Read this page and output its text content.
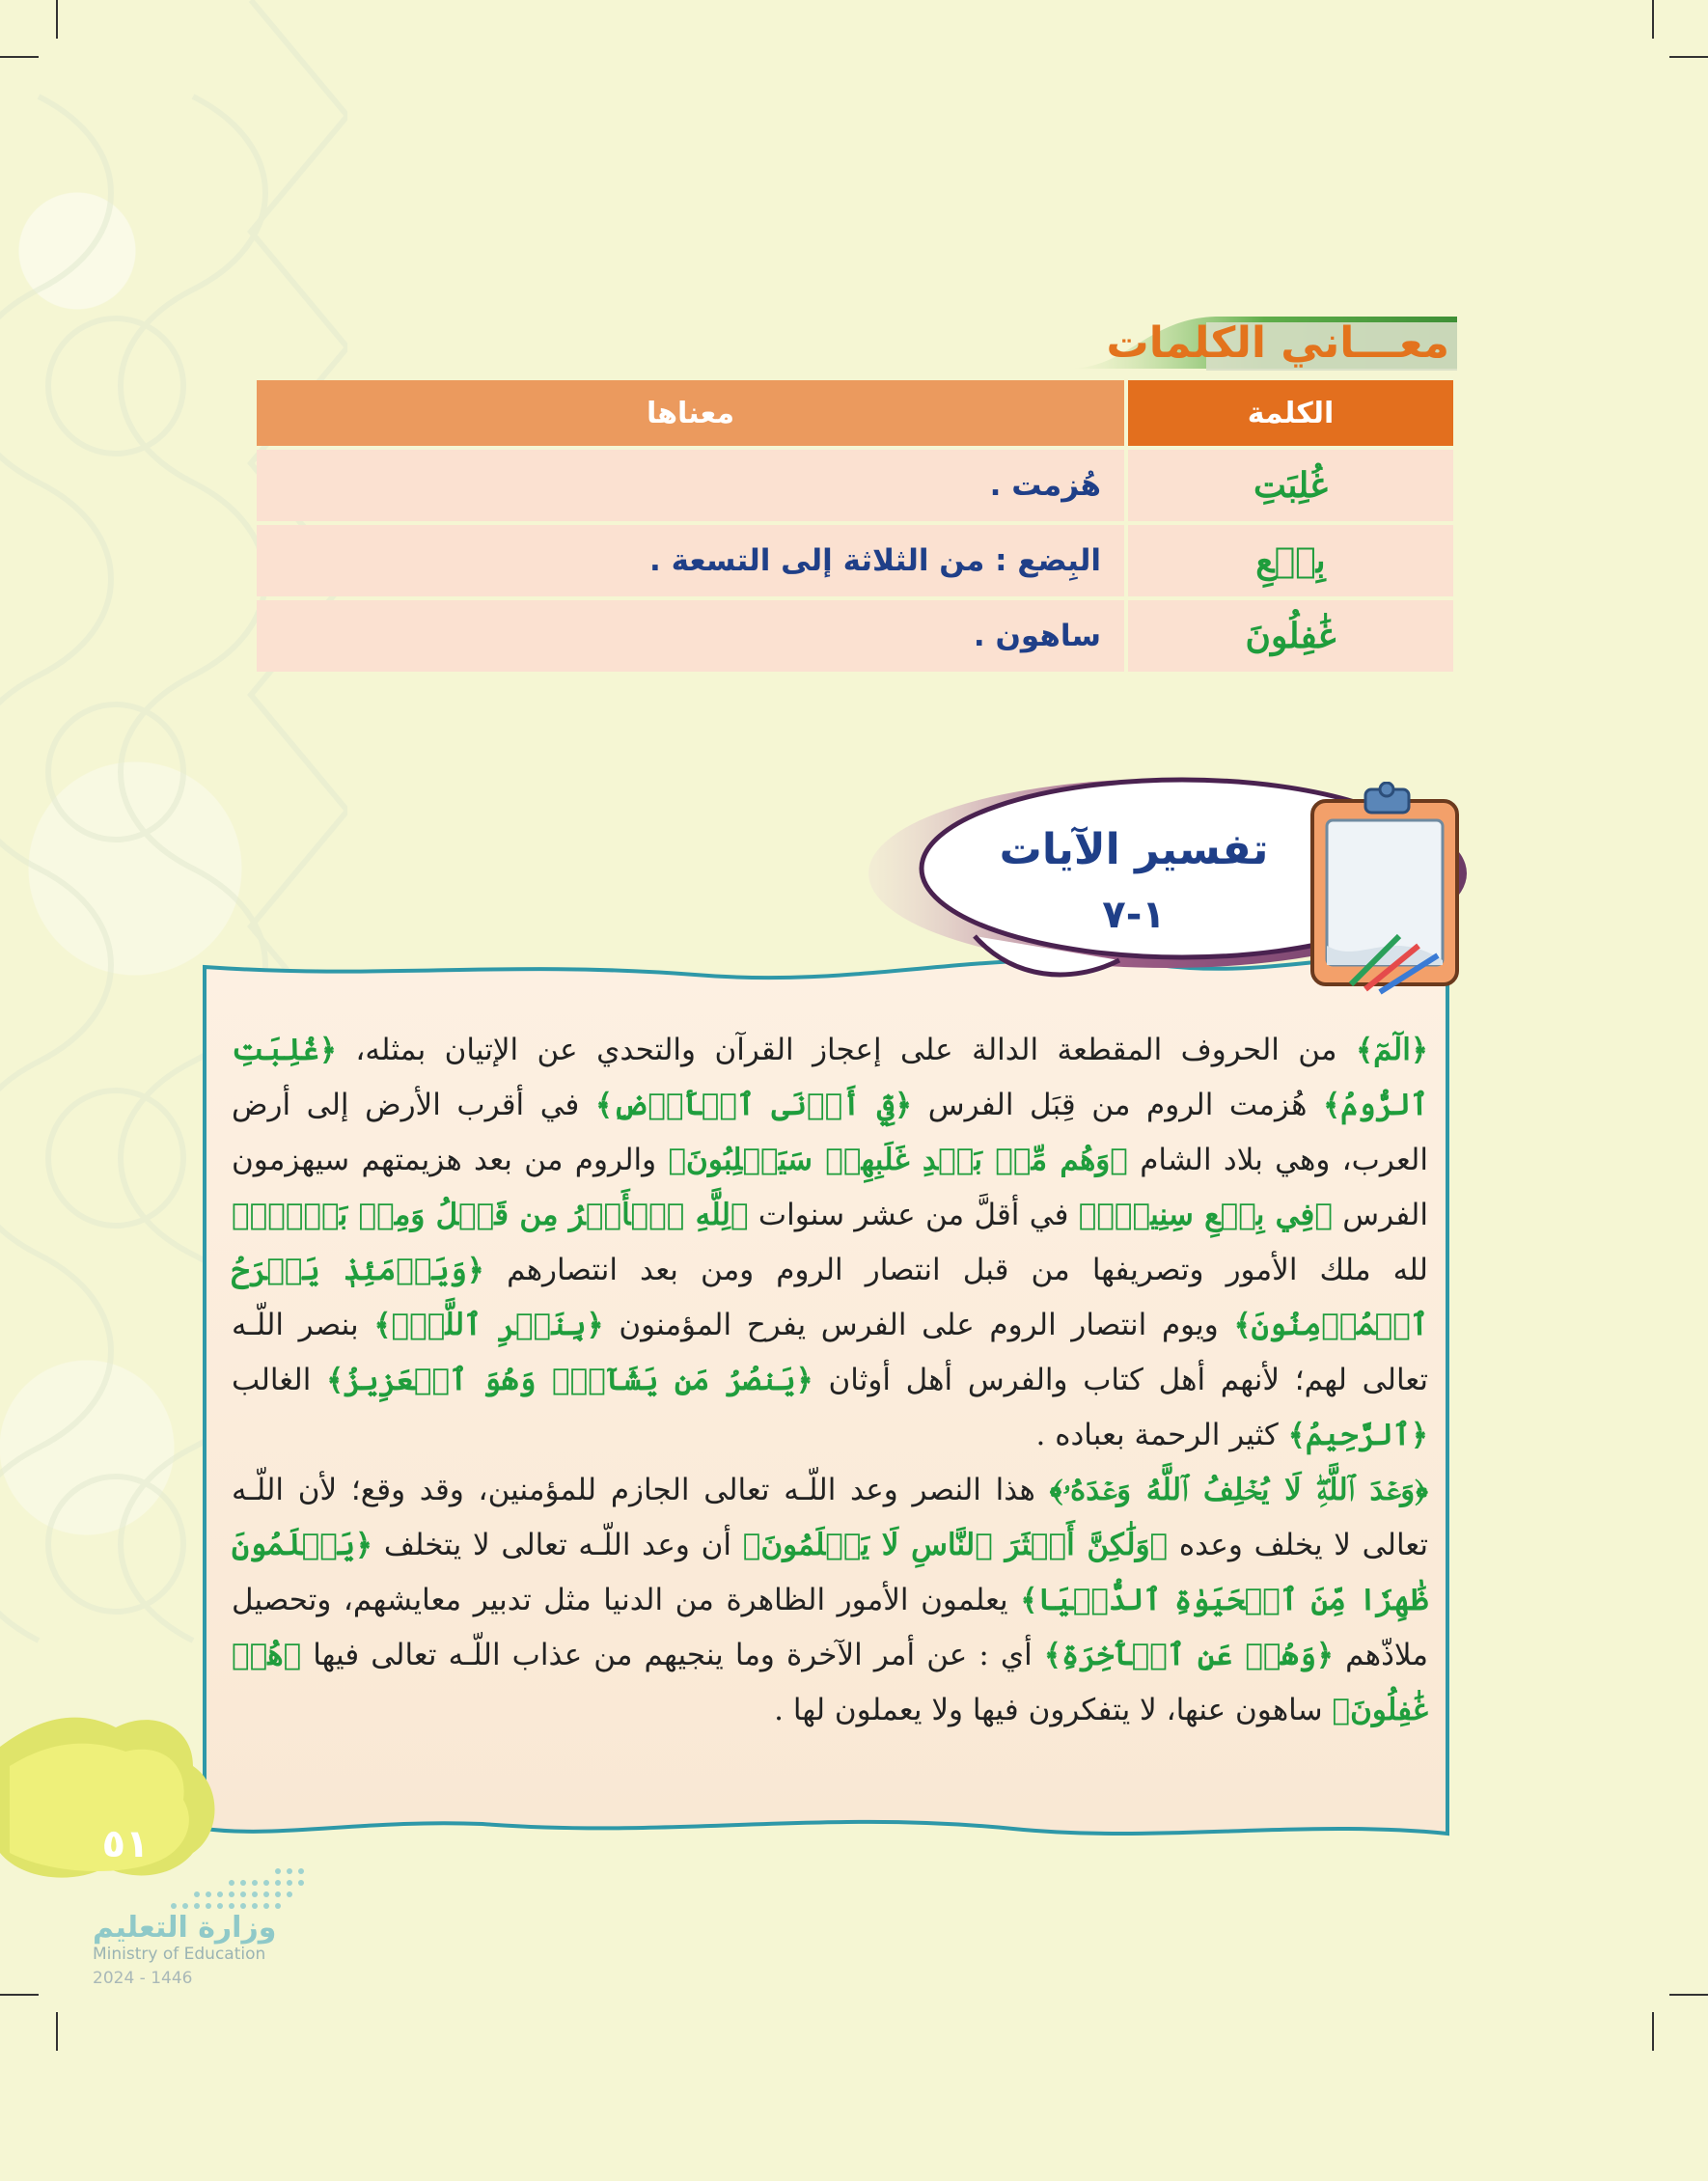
معـــاني الكلمات
الكلمة	معناها
غُلِبَتِ	هُزمت .
بِضۡعِ	البِضع : من الثلاثة إلى التسعة .
غَٰفِلُونَ	ساهون .
تفسير الآيات
١-٧

﴿الٓمٓ﴾ من الحروف المقطعة الدالة على إعجاز القرآن والتحدي عن الإتيان بمثله، ﴿غُلِبَتِ ٱلرُّومُ﴾ هُزمت الروم من قِبَل الفرس ﴿فِيٓ أَدۡنَى ٱلۡأَرۡضِ﴾ في أقرب الأرض إلى أرض العرب، وهي بلاد الشام ﴿وَهُم مِّنۢ بَعۡدِ غَلَبِهِمۡ سَيَغۡلِبُونَ﴾ والروم من بعد هزيمتهم سيهزمون الفرس ﴿فِي بِضۡعِ سِنِينَۗ﴾ في أقلَّ من عشر سنوات ﴿لِلَّهِ ٱلۡأَمۡرُ مِن قَبۡلُ وَمِنۢ بَعۡدُۚ﴾ لله ملك الأمور وتصريفها من قبل انتصار الروم ومن بعد انتصارهم ﴿وَيَوۡمَئِذٖ يَفۡرَحُ ٱلۡمُؤۡمِنُونَ﴾ ويوم انتصار الروم على الفرس يفرح المؤمنون ﴿بِنَصۡرِ ٱللَّهِۚ﴾ بنصر اللّـه تعالى لهم؛ لأنهم أهل كتاب والفرس أهل أوثان ﴿يَنصُرُ مَن يَشَآءُۖ وَهُوَ ٱلۡعَزِيزُ﴾ الغالب ﴿ٱلرَّحِيمُ﴾ كثير الرحمة بعباده .

﴿وَعۡدَ ٱللَّهِۖ لَا يُخۡلِفُ ٱللَّهُ وَعۡدَهُۥ﴾ هذا النصر وعد اللّـه تعالى الجازم للمؤمنين، وقد وقع؛ لأن اللّـه تعالى لا يخلف وعده ﴿وَلَٰكِنَّ أَكۡثَرَ ٱلنَّاسِ لَا يَعۡلَمُونَ﴾ أن وعد اللّـه تعالى لا يتخلف ﴿يَعۡلَمُونَ ظَٰهِرٗا مِّنَ ٱلۡحَيَوٰةِ ٱلدُّنۡيَا﴾ يعلمون الأمور الظاهرة من الدنيا مثل تدبير معايشهم، وتحصيل ملاذّهم ﴿وَهُمۡ عَنِ ٱلۡأٓخِرَةِ﴾ أي : عن أمر الآخرة وما ينجيهم من عذاب اللّـه تعالى فيها ﴿هُمۡ غَٰفِلُونَ﴾ ساهون عنها، لا يتفكرون فيها ولا يعملون لها .

٥١
وزارة التعليم
Ministry of Education
2024 - 1446
